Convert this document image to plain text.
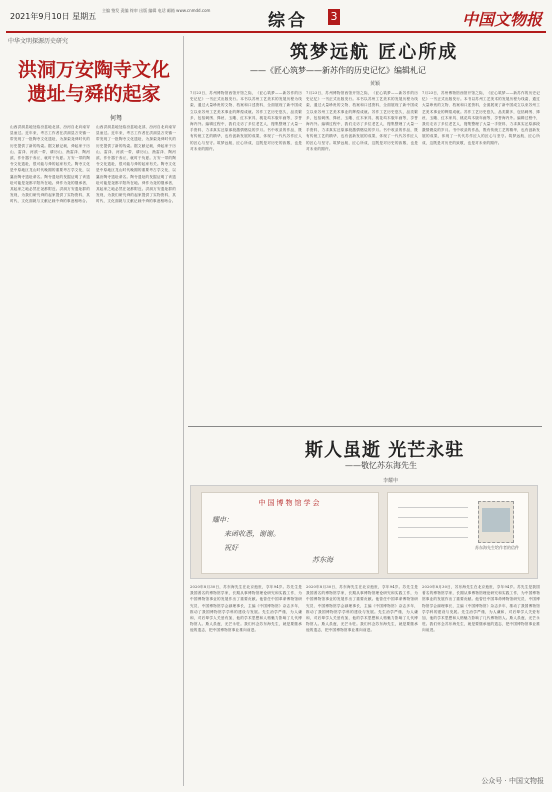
2021年9月10日 星期五
主编 签发 责编 终审 出版 编辑 电话 邮箱 www.cnmdd.com
综合 3	中国文物报
中华文明探源历史研究
洪洞万安陶寺文化遗址与舜的起家
何驽
山西洪洞县地处临汾盆地北部，汾河自北向南穿县而过。近年来，考古工作者在洪洞县万安镇一带发现了一批陶寺文化遗址，为探索尧舜时代的历史提供了新的线索。据文献记载，舜起家于历山、雷泽、河滨一带，耕历山、渔雷泽、陶河滨，作什器于寿丘，就时于负夏。万安一带的陶寺文化遗址，很可能与舜的起家有关。陶寺文化是中原地区龙山时代晚期的重要考古学文化，以襄汾陶寺遗址命名。陶寺遗址的发掘证明了该遗址可能是尧都平阳所在地。舜作为尧的继承者，其起家之地必然在尧都附近。洪洞万安遗址群的发现，为我们研究舜的起家提供了实物资料，其时代、文化面貌与文献记载中舜的事迹相吻合。
山西洪洞县地处临汾盆地北部，汾河自北向南穿县而过。近年来，考古工作者在洪洞县万安镇一带发现了一批陶寺文化遗址，为探索尧舜时代的历史提供了新的线索。据文献记载，舜起家于历山、雷泽、河滨一带，耕历山、渔雷泽、陶河滨，作什器于寿丘，就时于负夏。万安一带的陶寺文化遗址，很可能与舜的起家有关。陶寺文化是中原地区龙山时代晚期的重要考古学文化，以襄汾陶寺遗址命名。陶寺遗址的发掘证明了该遗址可能是尧都平阳所在地。舜作为尧的继承者，其起家之地必然在尧都附近。洪洞万安遗址群的发现，为我们研究舜的起家提供了实物资料，其时代、文化面貌与文献记载中舜的事迹相吻合。
筑梦远航 匠心所成
——《匠心筑梦——新苏作的历史记忆》编辑札记
黄颖
7月23日，苏州博物馆西馆开馆之际，《匠心筑梦——新苏作的历史记忆》一书正式出版发行。本书以苏州工艺美术的发展历程为线索，通过大量珍贵的文物、档案和口述资料，全面展现了新中国成立以来苏州工艺美术事业的辉煌成就。苏作工艺历史悠久，品类繁多，包括刺绣、缂丝、玉雕、红木家具、桃花坞木版年画等，享誉海内外。编辑过程中，我们走访了多位老艺人，搜集整理了大量一手资料，力求真实还原那段激情燃烧的岁月。书中收录的作品，既有传统工艺的精华，也有创新发展的成果，体现了一代代苏作匠人的匠心与坚守。筑梦远航，匠心所成，这既是对历史的致敬，也是对未来的期许。
7月23日，苏州博物馆西馆开馆之际，《匠心筑梦——新苏作的历史记忆》一书正式出版发行。本书以苏州工艺美术的发展历程为线索，通过大量珍贵的文物、档案和口述资料，全面展现了新中国成立以来苏州工艺美术事业的辉煌成就。苏作工艺历史悠久，品类繁多，包括刺绣、缂丝、玉雕、红木家具、桃花坞木版年画等，享誉海内外。编辑过程中，我们走访了多位老艺人，搜集整理了大量一手资料，力求真实还原那段激情燃烧的岁月。书中收录的作品，既有传统工艺的精华，也有创新发展的成果，体现了一代代苏作匠人的匠心与坚守。筑梦远航，匠心所成，这既是对历史的致敬，也是对未来的期许。
7月23日，苏州博物馆西馆开馆之际，《匠心筑梦——新苏作的历史记忆》一书正式出版发行。本书以苏州工艺美术的发展历程为线索，通过大量珍贵的文物、档案和口述资料，全面展现了新中国成立以来苏州工艺美术事业的辉煌成就。苏作工艺历史悠久，品类繁多，包括刺绣、缂丝、玉雕、红木家具、桃花坞木版年画等，享誉海内外。编辑过程中，我们走访了多位老艺人，搜集整理了大量一手资料，力求真实还原那段激情燃烧的岁月。书中收录的作品，既有传统工艺的精华，也有创新发展的成果，体现了一代代苏作匠人的匠心与坚守。筑梦远航，匠心所成，这既是对历史的致敬，也是对未来的期许。
斯人虽逝 光芒永驻
——敬忆苏东海先生
李耀申
中国博物馆学会
耀申：
来函收悉，谢谢。
祝好
苏东海
苏东海先生给作者的信件
2020年8月30日，苏东海先生在北京逝世，享年94岁。苏先生是我国著名的博物馆学家，长期从事博物馆理论研究和实践工作，为中国博物馆事业的发展作出了重要贡献。他曾任中国革命博物馆研究员、中国博物馆学会副理事长，主编《中国博物馆》杂志多年，推动了我国博物馆学学科的建设与发展。先生治学严谨，为人谦和，对后辈学人关爱有加，他的学术思想和人格魅力影响了几代博物馆人。斯人虽逝，光芒永驻。我们怀念苏东海先生，就是要继承他的遗志，把中国博物馆事业推向前进。
2020年8月30日，苏东海先生在北京逝世，享年94岁。苏先生是我国著名的博物馆学家，长期从事博物馆理论研究和实践工作，为中国博物馆事业的发展作出了重要贡献。他曾任中国革命博物馆研究员、中国博物馆学会副理事长，主编《中国博物馆》杂志多年，推动了我国博物馆学学科的建设与发展。先生治学严谨，为人谦和，对后辈学人关爱有加，他的学术思想和人格魅力影响了几代博物馆人。斯人虽逝，光芒永驻。我们怀念苏东海先生，就是要继承他的遗志，把中国博物馆事业推向前进。
2020年8月30日，苏东海先生在北京逝世，享年94岁。苏先生是我国著名的博物馆学家，长期从事博物馆理论研究和实践工作，为中国博物馆事业的发展作出了重要贡献。他曾任中国革命博物馆研究员、中国博物馆学会副理事长，主编《中国博物馆》杂志多年，推动了我国博物馆学学科的建设与发展。先生治学严谨，为人谦和，对后辈学人关爱有加，他的学术思想和人格魅力影响了几代博物馆人。斯人虽逝，光芒永驻。我们怀念苏东海先生，就是要继承他的遗志，把中国博物馆事业推向前进。
公众号 · 中国文物报
